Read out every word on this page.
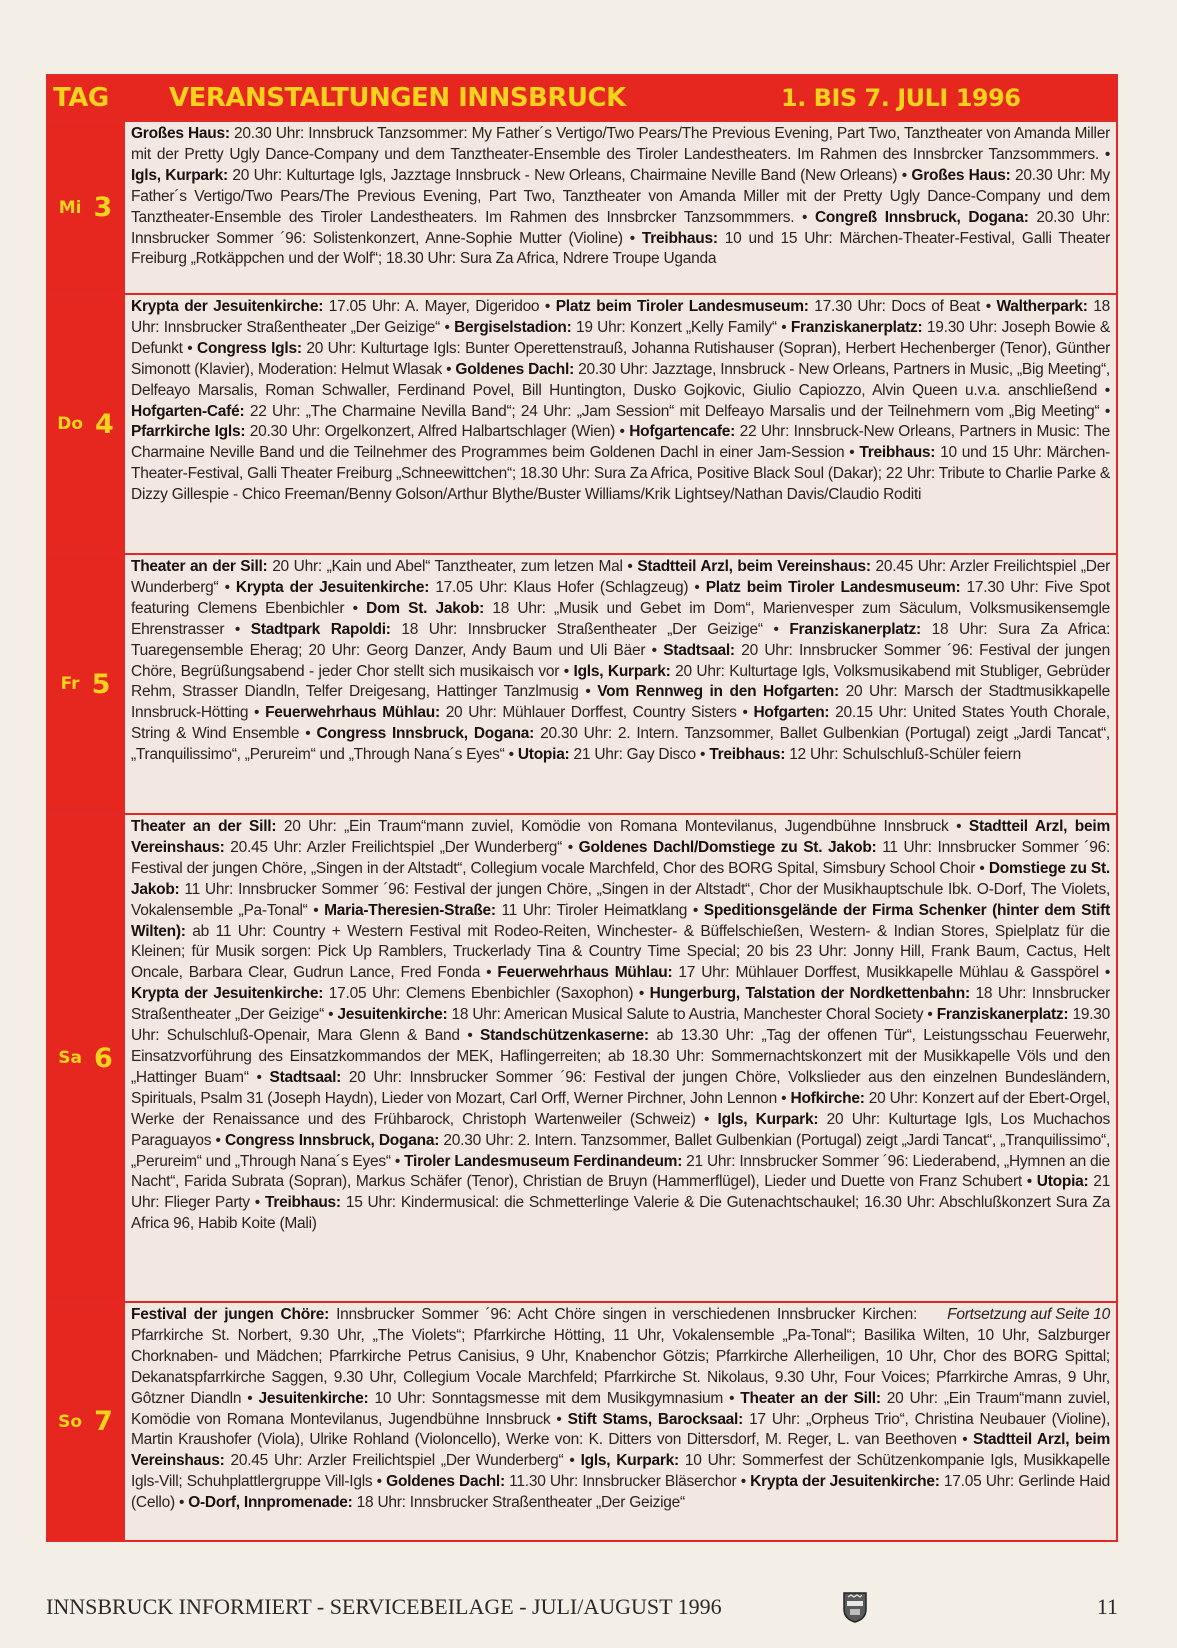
TAG	VERANSTALTUNGEN INNSBRUCK	1. BIS 7. JULI 1996
Mi 3
Großes Haus: 20.30 Uhr: Innsbruck Tanzsommer: My Father´s Vertigo/Two Pears/The Previous Evening, Part Two, Tanztheater von Amanda Miller mit der Pretty Ugly Dance-Company und dem Tanztheater-Ensemble des Tiroler Landestheaters. Im Rahmen des Innsbrcker Tanzsommmers. • Igls, Kurpark: 20 Uhr: Kulturtage Igls, Jazztage Innsbruck - New Orleans, Chairmaine Neville Band (New Orleans) • Großes Haus: 20.30 Uhr: My Father´s Vertigo/Two Pears/The Previous Evening, Part Two, Tanztheater von Amanda Miller mit der Pretty Ugly Dance-Company und dem Tanztheater-Ensemble des Tiroler Landestheaters. Im Rahmen des Innsbrcker Tanzsommmers. • Congreß Innsbruck, Dogana: 20.30 Uhr: Innsbrucker Sommer ´96: Solistenkonzert, Anne-Sophie Mutter (Violine) • Treibhaus: 10 und 15 Uhr: Märchen-Theater-Festival, Galli Theater Freiburg „Rotkäppchen und der Wolf“; 18.30 Uhr: Sura Za Africa, Ndrere Troupe Uganda
Do 4
Krypta der Jesuitenkirche: 17.05 Uhr: A. Mayer, Digeridoo • Platz beim Tiroler Landesmuseum: 17.30 Uhr: Docs of Beat • Waltherpark: 18 Uhr: Innsbrucker Straßentheater „Der Geizige“ • Bergiselstadion: 19 Uhr: Konzert „Kelly Family“ • Franziskanerplatz: 19.30 Uhr: Joseph Bowie & Defunkt • Congress Igls: 20 Uhr: Kulturtage Igls: Bunter Operettenstrauß, Johanna Rutishauser (Sopran), Herbert Hechenberger (Tenor), Günther Simonott (Klavier), Moderation: Helmut Wlasak • Goldenes Dachl: 20.30 Uhr: Jazztage, Innsbruck - New Orleans, Partners in Music, „Big Meeting“, Delfeayo Marsalis, Roman Schwaller, Ferdinand Povel, Bill Huntington, Dusko Gojkovic, Giulio Capiozzo, Alvin Queen u.v.a. anschließend • Hofgarten-Café: 22 Uhr: „The Charmaine Nevilla Band“; 24 Uhr: „Jam Session“ mit Delfeayo Marsalis und der Teilnehmern vom „Big Meeting“ • Pfarrkirche Igls: 20.30 Uhr: Orgelkonzert, Alfred Halbartschlager (Wien) • Hofgartencafe: 22 Uhr: Innsbruck-New Orleans, Partners in Music: The Charmaine Neville Band und die Teilnehmer des Programmes beim Goldenen Dachl in einer Jam-Session • Treibhaus: 10 und 15 Uhr: Märchen-Theater-Festival, Galli Theater Freiburg „Schneewittchen“; 18.30 Uhr: Sura Za Africa, Positive Black Soul (Dakar); 22 Uhr: Tribute to Charlie Parke & Dizzy Gillespie - Chico Freeman/Benny Golson/Arthur Blythe/Buster Williams/Krik Lightsey/Nathan Davis/Claudio Roditi
Fr 5
Theater an der Sill: 20 Uhr: „Kain und Abel“ Tanztheater, zum letzen Mal • Stadtteil Arzl, beim Vereinshaus: 20.45 Uhr: Arzler Freilichtspiel „Der Wunderberg“ • Krypta der Jesuitenkirche: 17.05 Uhr: Klaus Hofer (Schlagzeug) • Platz beim Tiroler Landesmuseum: 17.30 Uhr: Five Spot featuring Clemens Ebenbichler • Dom St. Jakob: 18 Uhr: „Musik und Gebet im Dom“, Marienvesper zum Säculum, Volksmusikensemgle Ehrenstrasser • Stadtpark Rapoldi: 18 Uhr: Innsbrucker Straßentheater „Der Geizige“ • Franziskanerplatz: 18 Uhr: Sura Za Africa: Tuaregensemble Eherag; 20 Uhr: Georg Danzer, Andy Baum und Uli Bäer • Stadtsaal: 20 Uhr: Innsbrucker Sommer ´96: Festival der jungen Chöre, Begrüßungsabend - jeder Chor stellt sich musikaisch vor • Igls, Kurpark: 20 Uhr: Kulturtage Igls, Volksmusikabend mit Stubliger, Gebrüder Rehm, Strasser Diandln, Telfer Dreigesang, Hattinger Tanzlmusig • Vom Rennweg in den Hofgarten: 20 Uhr: Marsch der Stadtmusikkapelle Innsbruck-Hötting • Feuerwehrhaus Mühlau: 20 Uhr: Mühlauer Dorffest, Country Sisters • Hofgarten: 20.15 Uhr: United States Youth Chorale, String & Wind Ensemble • Congress Innsbruck, Dogana: 20.30 Uhr: 2. Intern. Tanzsommer, Ballet Gulbenkian (Portugal) zeigt „Jardi Tancat“, „Tranquilissimo“, „Perureim“ und „Through Nana´s Eyes“ • Utopia: 21 Uhr: Gay Disco • Treibhaus: 12 Uhr: Schulschluß-Schüler feiern
Sa 6
Theater an der Sill: 20 Uhr: „Ein Traum“mann zuviel, Komödie von Romana Montevilanus, Jugendbühne Innsbruck • Stadtteil Arzl, beim Vereinshaus: 20.45 Uhr: Arzler Freilichtspiel „Der Wunderberg“ • Goldenes Dachl/Domstiege zu St. Jakob: 11 Uhr: Innsbrucker Sommer ´96: Festival der jungen Chöre, „Singen in der Altstadt“, Collegium vocale Marchfeld, Chor des BORG Spital, Simsbury School Choir • Domstiege zu St. Jakob: 11 Uhr: Innsbrucker Sommer ´96: Festival der jungen Chöre, „Singen in der Altstadt“, Chor der Musikhauptschule Ibk. O-Dorf, The Violets, Vokalensemble „Pa-Tonal“ • Maria-Theresien-Straße: 11 Uhr: Tiroler Heimatklang • Speditionsgelände der Firma Schenker (hinter dem Stift Wilten): ab 11 Uhr: Country + Western Festival mit Rodeo-Reiten, Winchester- & Büffelschießen, Western- & Indian Stores, Spielplatz für die Kleinen; für Musik sorgen: Pick Up Ramblers, Truckerlady Tina & Country Time Special; 20 bis 23 Uhr: Jonny Hill, Frank Baum, Cactus, Helt Oncale, Barbara Clear, Gudrun Lance, Fred Fonda • Feuerwehrhaus Mühlau: 17 Uhr: Mühlauer Dorffest, Musikkapelle Mühlau & Gasspörel • Krypta der Jesuitenkirche: 17.05 Uhr: Clemens Ebenbichler (Saxophon) • Hungerburg, Talstation der Nordkettenbahn: 18 Uhr: Innsbrucker Straßentheater „Der Geizige“ • Jesuitenkirche: 18 Uhr: American Musical Salute to Austria, Manchester Choral Society • Franziskanerplatz: 19.30 Uhr: Schulschluß-Openair, Mara Glenn & Band • Standschützenkaserne: ab 13.30 Uhr: „Tag der offenen Tür“, Leistungsschau Feuerwehr, Einsatzvorführung des Einsatzkommandos der MEK, Haflingerreiten; ab 18.30 Uhr: Sommernachtskonzert mit der Musikkapelle Völs und den „Hattinger Buam“ • Stadtsaal: 20 Uhr: Innsbrucker Sommer ´96: Festival der jungen Chöre, Volkslieder aus den einzelnen Bundesländern, Spirituals, Psalm 31 (Joseph Haydn), Lieder von Mozart, Carl Orff, Werner Pirchner, John Lennon • Hofkirche: 20 Uhr: Konzert auf der Ebert-Orgel, Werke der Renaissance und des Frühbarock, Christoph Wartenweiler (Schweiz) • Igls, Kurpark: 20 Uhr: Kulturtage Igls, Los Muchachos Paraguayos • Congress Innsbruck, Dogana: 20.30 Uhr: 2. Intern. Tanzsommer, Ballet Gulbenkian (Portugal) zeigt „Jardi Tancat“, „Tranquilissimo“, „Perureim“ und „Through Nana´s Eyes“ • Tiroler Landesmuseum Ferdinandeum: 21 Uhr: Innsbrucker Sommer ´96: Liederabend, „Hymnen an die Nacht“, Farida Subrata (Sopran), Markus Schäfer (Tenor), Christian de Bruyn (Hammerflügel), Lieder und Duette von Franz Schubert • Utopia: 21 Uhr: Flieger Party • Treibhaus: 15 Uhr: Kindermusical: die Schmetterlinge Valerie & Die Gutenachtschaukel; 16.30 Uhr: Abschlußkonzert Sura Za Africa 96, Habib Koite (Mali)
So 7
Fortsetzung auf Seite 10
Festival der jungen Chöre: Innsbrucker Sommer ´96: Acht Chöre singen in verschiedenen Innsbrucker Kirchen: Pfarrkirche St. Norbert, 9.30 Uhr, „The Violets“; Pfarrkirche Hötting, 11 Uhr, Vokalensemble „Pa-Tonal“; Basilika Wilten, 10 Uhr, Salzburger Chorknaben- und Mädchen; Pfarrkirche Petrus Canisius, 9 Uhr, Knabenchor Götzis; Pfarrkirche Allerheiligen, 10 Uhr, Chor des BORG Spittal; Dekanatspfarrkirche Saggen, 9.30 Uhr, Collegium Vocale Marchfeld; Pfarrkirche St. Nikolaus, 9.30 Uhr, Four Voices; Pfarrkirche Amras, 9 Uhr, Gôtzner Diandln • Jesuitenkirche: 10 Uhr: Sonntagsmesse mit dem Musikgymnasium • Theater an der Sill: 20 Uhr: „Ein Traum“mann zuviel, Komödie von Romana Montevilanus, Jugendbühne Innsbruck • Stift Stams, Barocksaal: 17 Uhr: „Orpheus Trio“, Christina Neubauer (Violine), Martin Kraushofer (Viola), Ulrike Rohland (Violoncello), Werke von: K. Ditters von Dittersdorf, M. Reger, L. van Beethoven • Stadtteil Arzl, beim Vereinshaus: 20.45 Uhr: Arzler Freilichtspiel „Der Wunderberg“ • Igls, Kurpark: 10 Uhr: Sommerfest der Schützenkompanie Igls, Musikkapelle Igls-Vill; Schuhplattlergruppe Vill-Igls • Goldenes Dachl: 11.30 Uhr: Innsbrucker Bläserchor • Krypta der Jesuitenkirche: 17.05 Uhr: Gerlinde Haid (Cello) • O-Dorf, Innpromenade: 18 Uhr: Innsbrucker Straßentheater „Der Geizige“
INNSBRUCK INFORMIERT - SERVICEBEILAGE - JULI/AUGUST 1996	11
